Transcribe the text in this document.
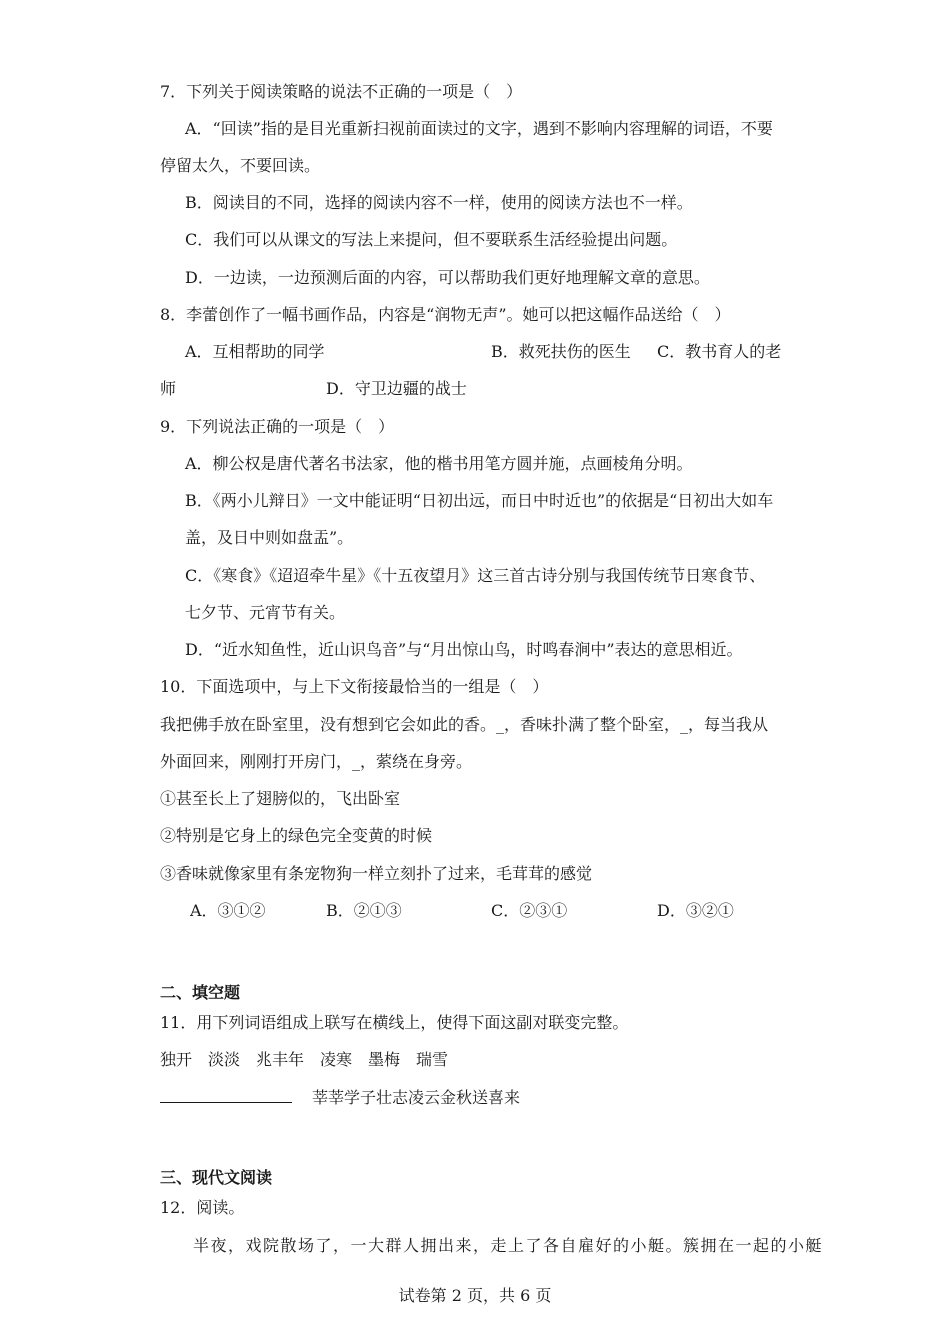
7．下列关于阅读策略的说法不正确的一项是（　）
A．“回读”指的是目光重新扫视前面读过的文字，遇到不影响内容理解的词语，不要
停留太久，不要回读。
B．阅读目的不同，选择的阅读内容不一样，使用的阅读方法也不一样。
C．我们可以从课文的写法上来提问，但不要联系生活经验提出问题。
D．一边读，一边预测后面的内容，可以帮助我们更好地理解文章的意思。
8．李蕾创作了一幅书画作品，内容是“润物无声”。她可以把这幅作品送给（　）
A．互相帮助的同学	B．救死扶伤的医生 C．教书育人的老
师	D．守卫边疆的战士
9．下列说法正确的一项是（　）
A．柳公权是唐代著名书法家，他的楷书用笔方圆并施，点画棱角分明。
B．《两小儿辩日》一文中能证明“日初出远，而日中时近也”的依据是“日初出大如车
盖，及日中则如盘盂”。
C．《寒食》《迢迢牵牛星》《十五夜望月》这三首古诗分别与我国传统节日寒食节、
七夕节、元宵节有关。
D．“近水知鱼性，近山识鸟音”与“月出惊山鸟，时鸣春涧中”表达的意思相近。
10．下面选项中，与上下文衔接最恰当的一组是（　）
我把佛手放在卧室里，没有想到它会如此的香。_，香味扑满了整个卧室，_，每当我从
外面回来，刚刚打开房门，_，萦绕在身旁。
①甚至长上了翅膀似的，飞出卧室
②特别是它身上的绿色完全变黄的时候
③香味就像家里有条宠物狗一样立刻扑了过来，毛茸茸的感觉
A．③①②	B．②①③	C．②③①	D．③②①
二、填空题
11．用下列词语组成上联写在横线上，使得下面这副对联变完整。
独开　淡淡　兆丰年　凌寒　墨梅　瑞雪
莘莘学子壮志凌云金秋送喜来
三、现代文阅读
12．阅读。
半夜，戏院散场了，一大群人拥出来，走上了各自雇好的小艇。簇拥在一起的小艇
试卷第 2 页，共 6 页
